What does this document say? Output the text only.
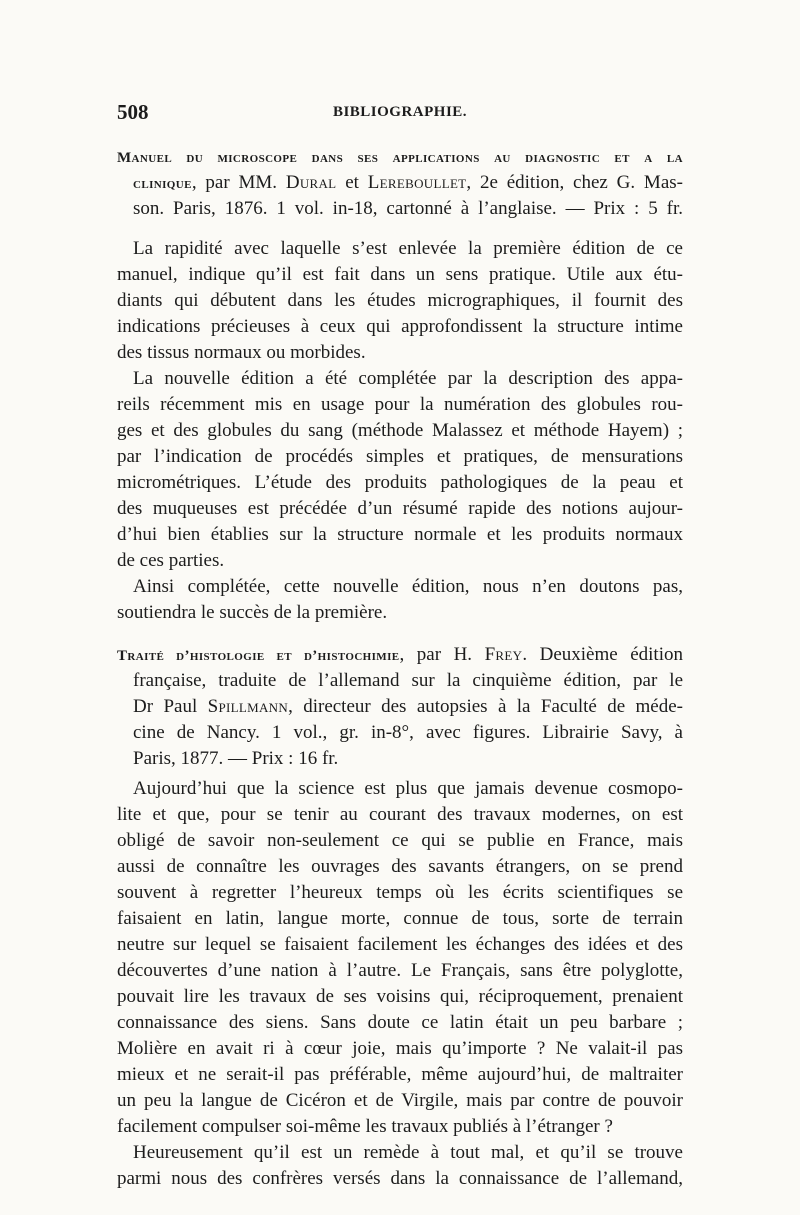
508	BIBLIOGRAPHIE.
Manuel du microscope dans ses applications au diagnostic et a la
clinique, par MM. Dural et Lereboullet, 2e édition, chez G. Mas-
son. Paris, 1876. 1 vol. in-18, cartonné à l’anglaise. — Prix : 5 fr.
La rapidité avec laquelle s’est enlevée la première édition de ce
manuel, indique qu’il est fait dans un sens pratique. Utile aux étu-
diants qui débutent dans les études micrographiques, il fournit des
indications précieuses à ceux qui approfondissent la structure intime
des tissus normaux ou morbides.
La nouvelle édition a été complétée par la description des appa-
reils récemment mis en usage pour la numération des globules rou-
ges et des globules du sang (méthode Malassez et méthode Hayem) ;
par l’indication de procédés simples et pratiques, de mensurations
micrométriques. L’étude des produits pathologiques de la peau et
des muqueuses est précédée d’un résumé rapide des notions aujour-
d’hui bien établies sur la structure normale et les produits normaux
de ces parties.
Ainsi complétée, cette nouvelle édition, nous n’en doutons pas,
soutiendra le succès de la première.
Traité d’histologie et d’histochimie, par H. Frey. Deuxième édition
française, traduite de l’allemand sur la cinquième édition, par le
Dr Paul Spillmann, directeur des autopsies à la Faculté de méde-
cine de Nancy. 1 vol., gr. in-8°, avec figures. Librairie Savy, à
Paris, 1877. — Prix : 16 fr.
Aujourd’hui que la science est plus que jamais devenue cosmopo-
lite et que, pour se tenir au courant des travaux modernes, on est
obligé de savoir non-seulement ce qui se publie en France, mais
aussi de connaître les ouvrages des savants étrangers, on se prend
souvent à regretter l’heureux temps où les écrits scientifiques se
faisaient en latin, langue morte, connue de tous, sorte de terrain
neutre sur lequel se faisaient facilement les échanges des idées et des
découvertes d’une nation à l’autre. Le Français, sans être polyglotte,
pouvait lire les travaux de ses voisins qui, réciproquement, prenaient
connaissance des siens. Sans doute ce latin était un peu barbare ;
Molière en avait ri à cœur joie, mais qu’importe ? Ne valait-il pas
mieux et ne serait-il pas préférable, même aujourd’hui, de maltraiter
un peu la langue de Cicéron et de Virgile, mais par contre de pouvoir
facilement compulser soi-même les travaux publiés à l’étranger ?
Heureusement qu’il est un remède à tout mal, et qu’il se trouve
parmi nous des confrères versés dans la connaissance de l’allemand,
